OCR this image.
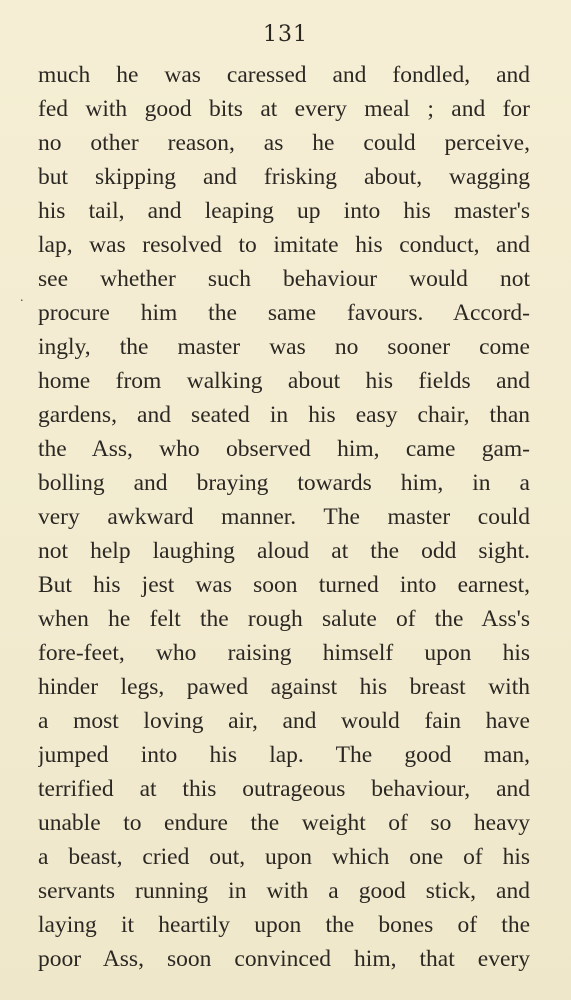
131
.
much he was caressed and fondled, and
fed with good bits at every meal ; and for
no other reason, as he could perceive,
but skipping and frisking about, wagging
his tail, and leaping up into his master's
lap, was resolved to imitate his conduct, and
see whether such behaviour would not
procure him the same favours. Accord-
ingly, the master was no sooner come
home from walking about his fields and
gardens, and seated in his easy chair, than
the Ass, who observed him, came gam-
bolling and braying towards him, in a
very awkward manner. The master could
not help laughing aloud at the odd sight.
But his jest was soon turned into earnest,
when he felt the rough salute of the Ass's
fore-feet, who raising himself upon his
hinder legs, pawed against his breast with
a most loving air, and would fain have
jumped into his lap. The good man,
terrified at this outrageous behaviour, and
unable to endure the weight of so heavy
a beast, cried out, upon which one of his
servants running in with a good stick, and
laying it heartily upon the bones of the
poor Ass, soon convinced him, that every
